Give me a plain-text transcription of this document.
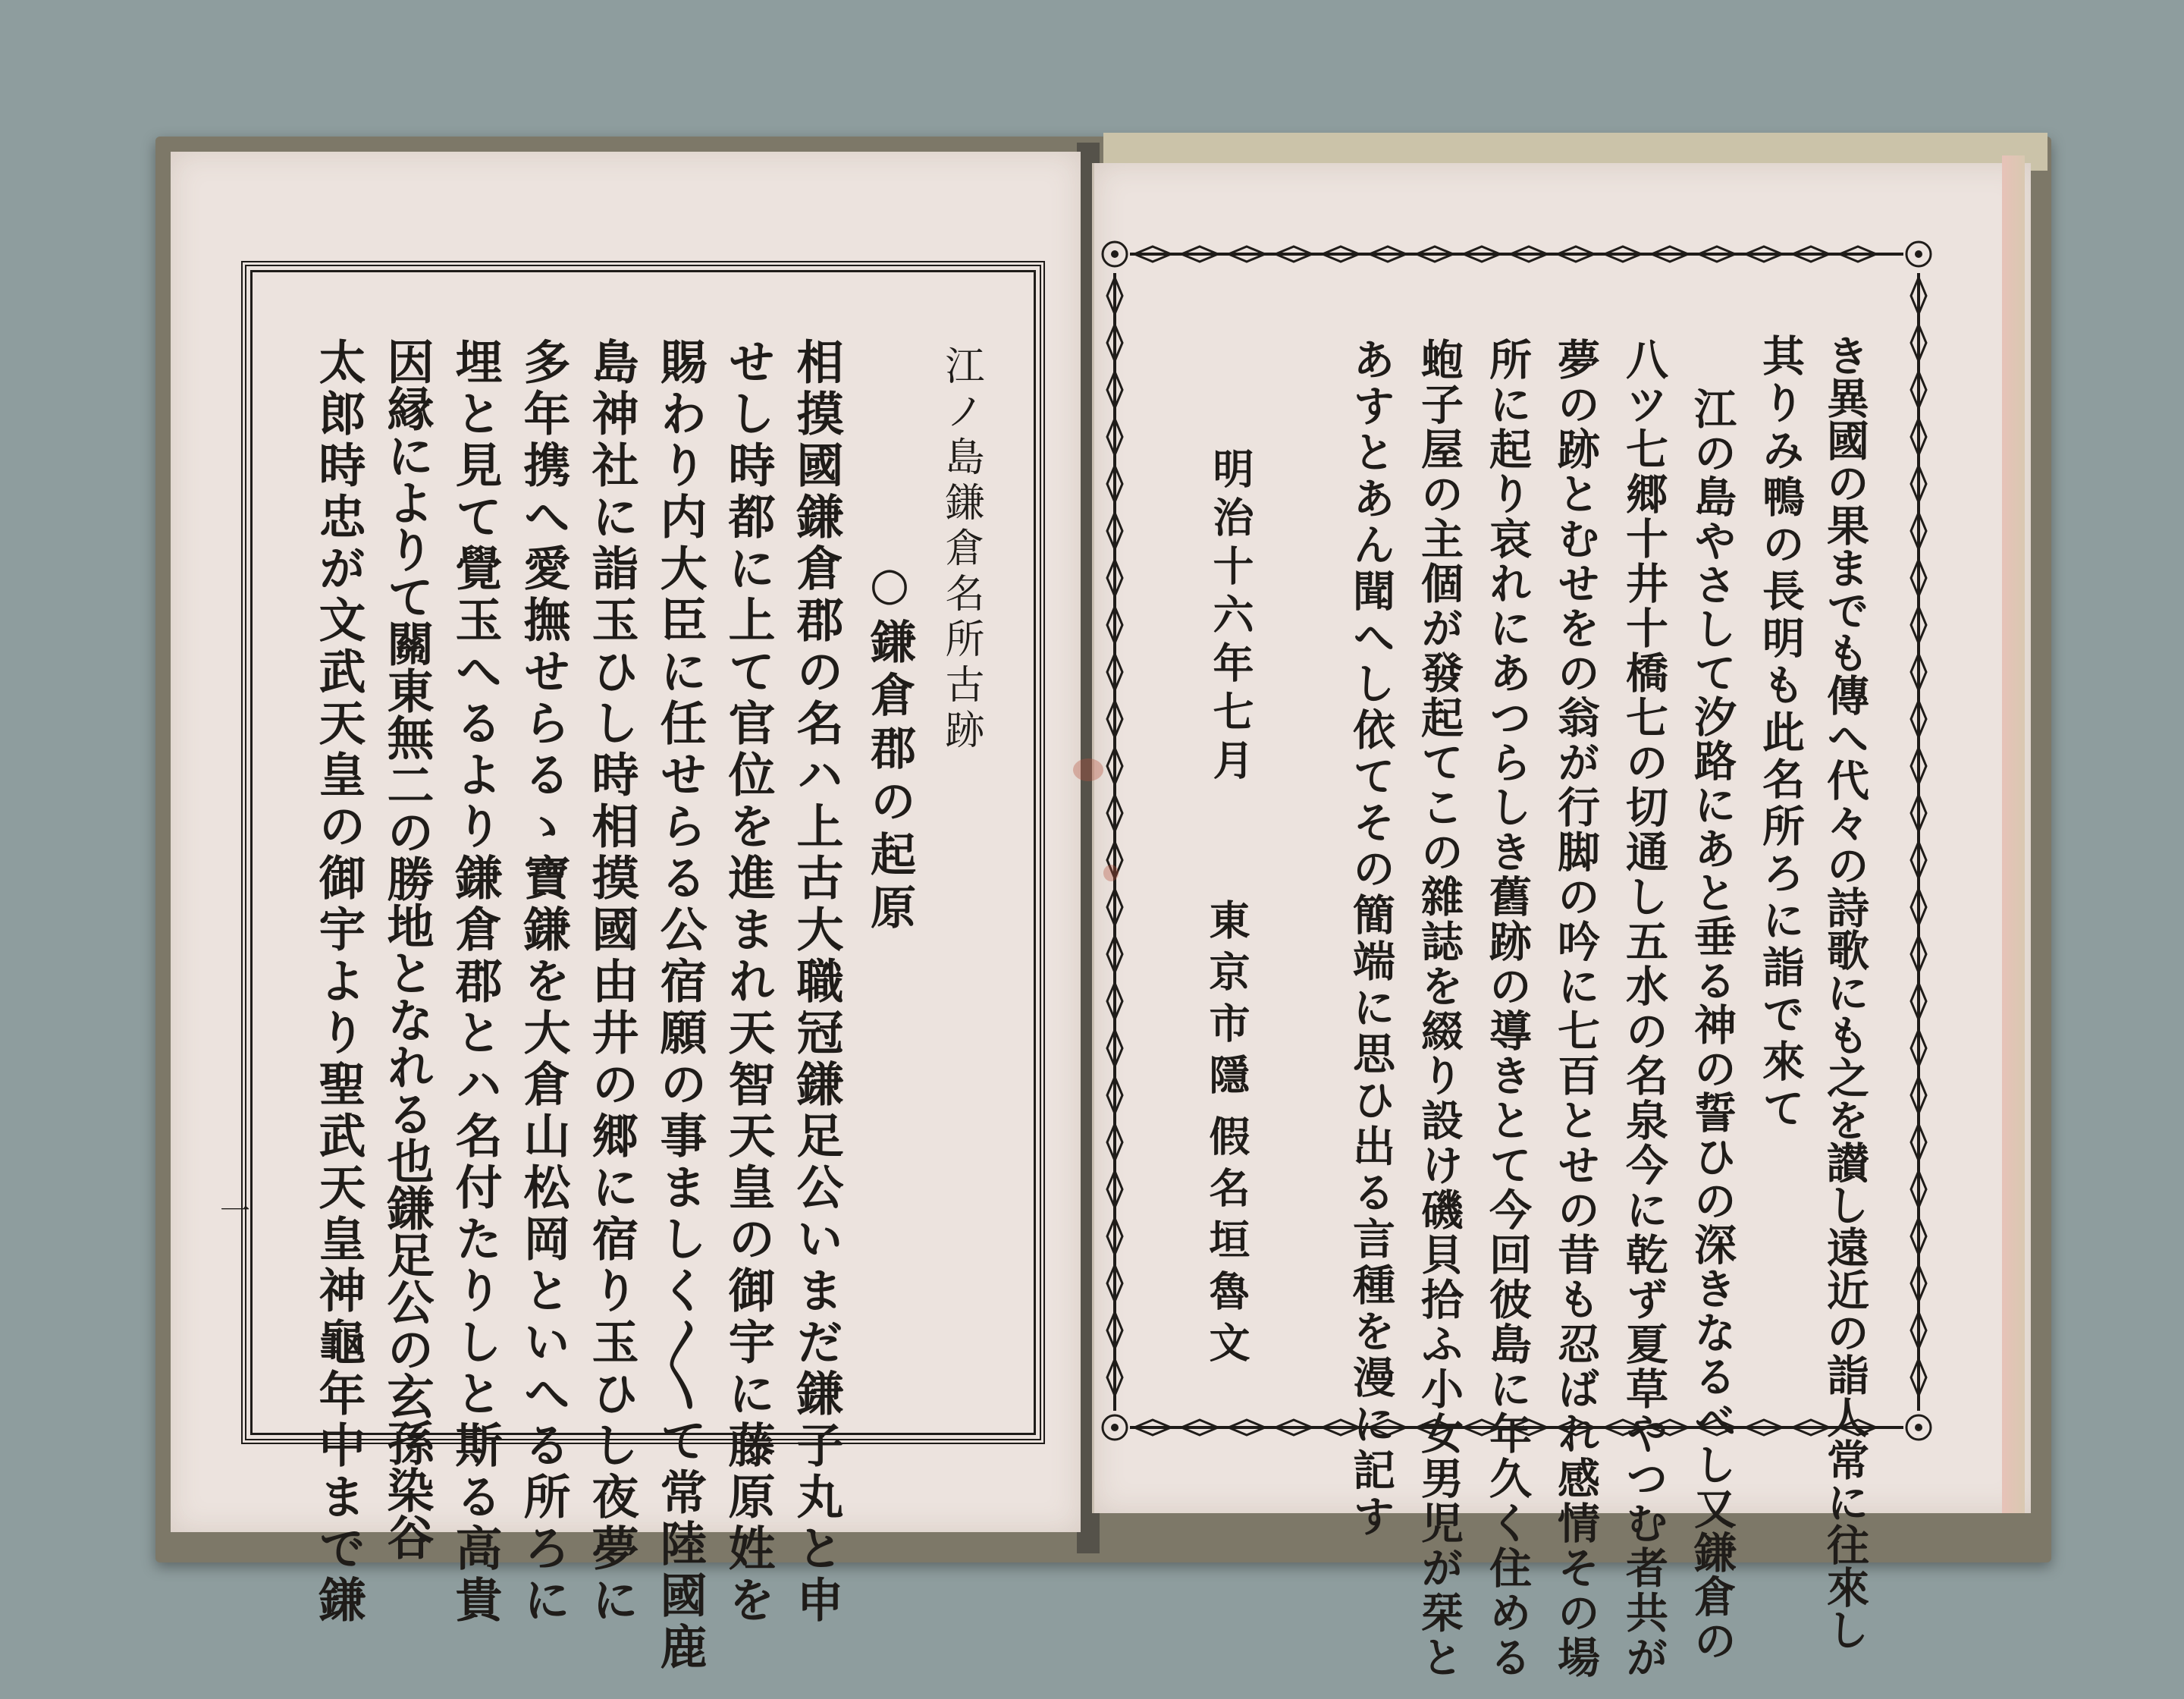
江ノ島鎌倉名所古跡
○鎌倉郡の起原
相摸國鎌倉郡の名ハ上古大職冠鎌足公いまだ鎌子丸と申
せし時都に上て官位を進まれ天智天皇の御宇に藤原姓を
賜わり内大臣に任せらる公宿願の事ましく〳〵て常陸國鹿
島神社に詣玉ひし時相摸國由井の郷に宿り玉ひし夜夢に
多年携へ愛撫せらるゝ寶鎌を大倉山松岡といへる所ろに
埋と見て覺玉へるより鎌倉郡とハ名付たりしと斯る高貴
因縁によりて關東無二の勝地となれる也鎌足公の玄孫染谷
太郎時忠が文武天皇の御宇より聖武天皇神龜年中まで鎌
一	き異國の果までも傳へ代々の詩歌にも之を讃し遠近の詣人常に往來し
其りみ鴨の長明も此名所ろに詣で來て
江の島やさして汐路にあと垂る神の誓ひの深きなるべし又鎌倉の
八ツ七郷十井十橋七の切通し五水の名泉今に乾ず夏草やつむ者共が
夢の跡とむせをの翁が行脚の吟に七百とせの昔も忍ばれ感情その場
所に起り哀れにあつらしき舊跡の導きとて今回彼島に年久く住める
蚫子屋の主個が發起てこの雜誌を綴り設け磯貝拾ふ小女男児が栞と
あすとあん聞へし依てその簡端に思ひ出る言種を漫に記す
明治十六年七月
東京市隱
假名垣魯文
